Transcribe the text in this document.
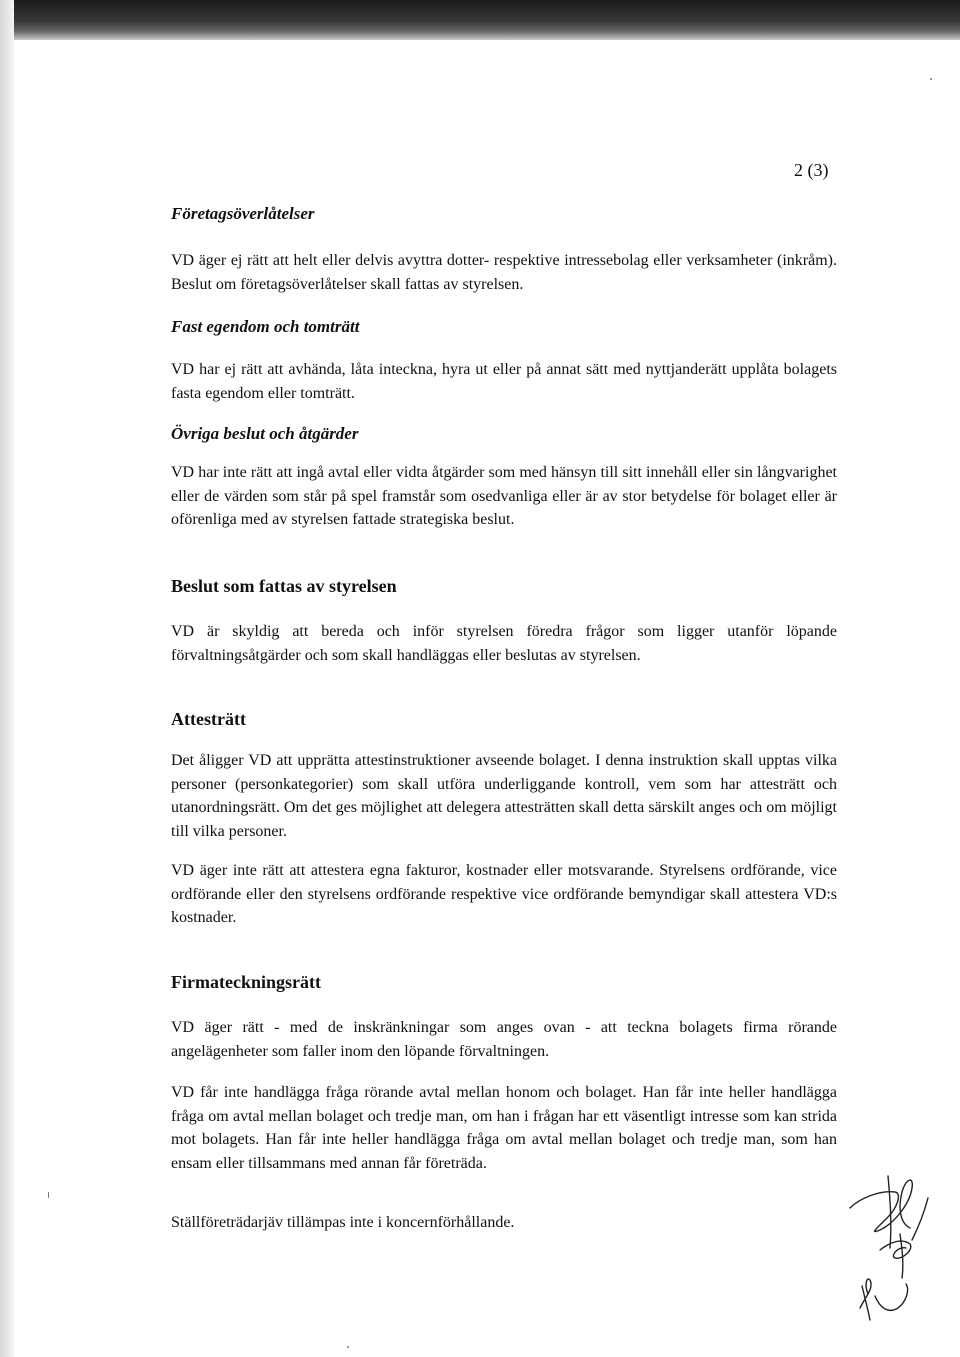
2 (3)
Företagsöverlåtelser
VD äger ej rätt att helt eller delvis avyttra dotter- respektive intressebolag eller verksamheter (inkråm). Beslut om företagsöverlåtelser skall fattas av styrelsen.
Fast egendom och tomträtt
VD har ej rätt att avhända, låta inteckna, hyra ut eller på annat sätt med nyttjanderätt upplåta bolagets fasta egendom eller tomträtt.
Övriga beslut och åtgärder
VD har inte rätt att ingå avtal eller vidta åtgärder som med hänsyn till sitt innehåll eller sin långvarighet eller de värden som står på spel framstår som osedvanliga eller är av stor betydelse för bolaget eller är oförenliga med av styrelsen fattade strategiska beslut.
Beslut som fattas av styrelsen
VD är skyldig att bereda och inför styrelsen föredra frågor som ligger utanför löpande förvaltningsåtgärder och som skall handläggas eller beslutas av styrelsen.
Attesträtt
Det åligger VD att upprätta attestinstruktioner avseende bolaget. I denna instruktion skall upptas vilka personer (personkategorier) som skall utföra underliggande kontroll, vem som har attesträtt och utanordningsrätt. Om det ges möjlighet att delegera attesträtten skall detta särskilt anges och om möjligt till vilka personer.
VD äger inte rätt att attestera egna fakturor, kostnader eller motsvarande. Styrelsens ordförande, vice ordförande eller den styrelsens ordförande respektive vice ordförande bemyndigar skall attestera VD:s kostnader.
Firmateckningsrätt
VD äger rätt - med de inskränkningar som anges ovan - att teckna bolagets firma rörande angelägenheter som faller inom den löpande förvaltningen.
VD får inte handlägga fråga rörande avtal mellan honom och bolaget. Han får inte heller handlägga fråga om avtal mellan bolaget och tredje man, om han i frågan har ett väsentligt intresse som kan strida mot bolagets. Han får inte heller handlägga fråga om avtal mellan bolaget och tredje man, som han ensam eller tillsammans med annan får företräda.
Ställföreträdarjäv tillämpas inte i koncernförhållande.
